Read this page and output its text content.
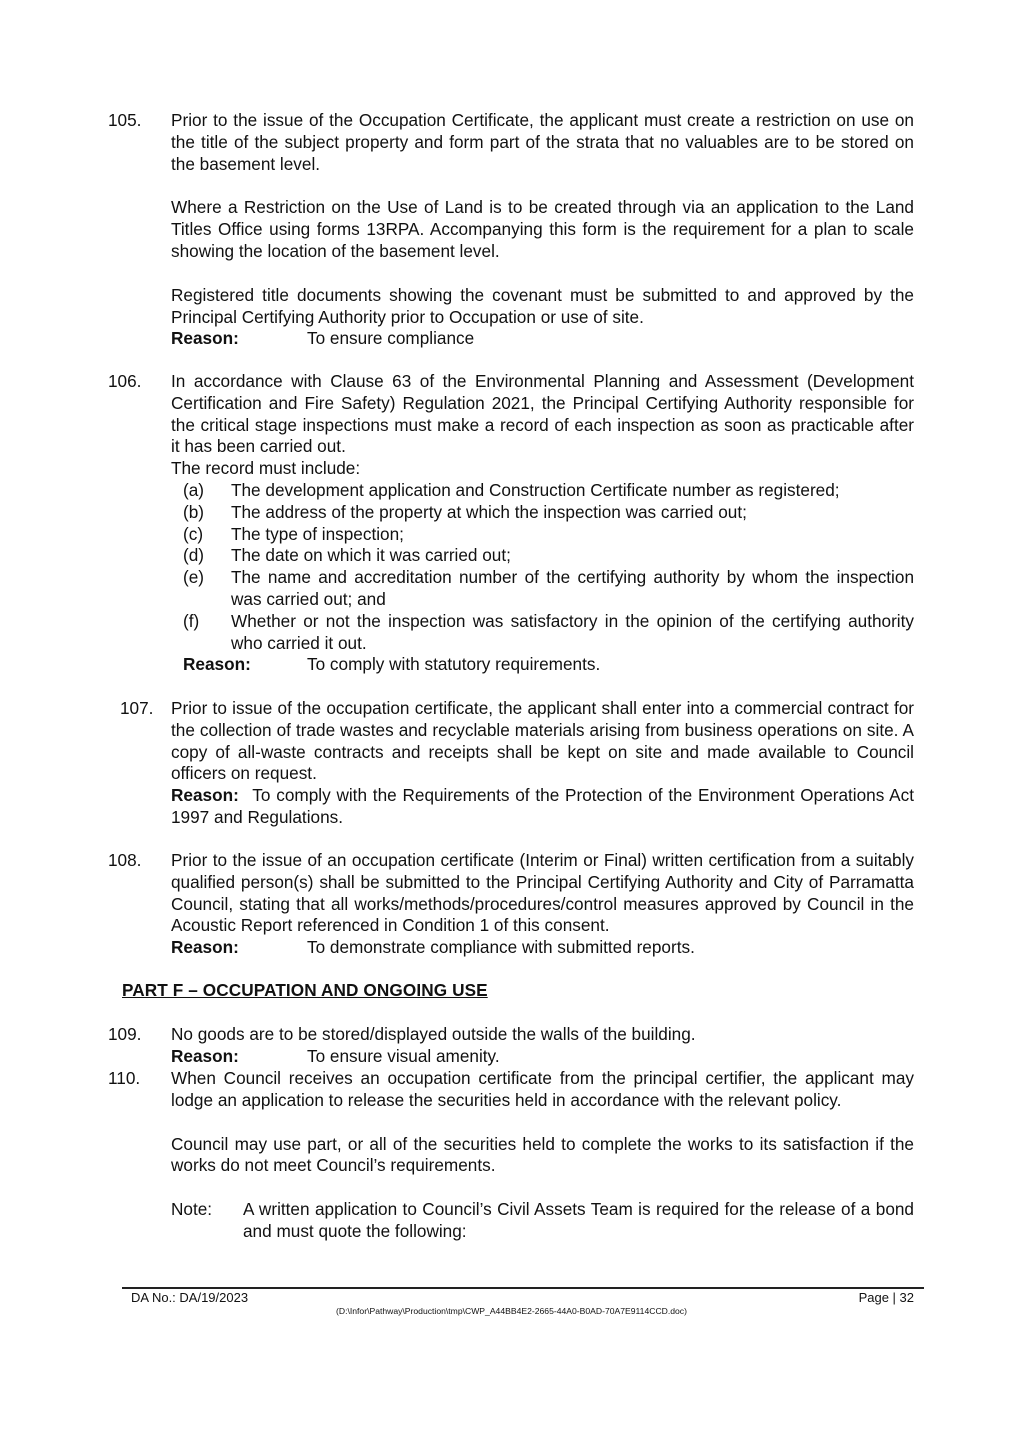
105.	Prior to the issue of the Occupation Certificate, the applicant must create a restriction on use on the title of the subject property and form part of the strata that no valuables are to be stored on the basement level.

Where a Restriction on the Use of Land is to be created through via an application to the Land Titles Office using forms 13RPA. Accompanying this form is the requirement for a plan to scale showing the location of the basement level.

Registered title documents showing the covenant must be submitted to and approved by the Principal Certifying Authority prior to Occupation or use of site.

Reason:	To ensure compliance
106.	In accordance with Clause 63 of the Environmental Planning and Assessment (Development Certification and Fire Safety) Regulation 2021, the Principal Certifying Authority responsible for the critical stage inspections must make a record of each inspection as soon as practicable after it has been carried out.

The record must include:

(a)	The development application and Construction Certificate number as registered;
(b)	The address of the property at which the inspection was carried out;
(c)	The type of inspection;
(d)	The date on which it was carried out;
(e)	The name and accreditation number of the certifying authority by whom the inspection was carried out; and
(f)	Whether or not the inspection was satisfactory in the opinion of the certifying authority who carried it out.
Reason:	To comply with statutory requirements.
107.	Prior to issue of the occupation certificate, the applicant shall enter into a commercial contract for the collection of trade wastes and recyclable materials arising from business operations on site. A copy of all-waste contracts and receipts shall be kept on site and made available to Council officers on request.

Reason: To comply with the Requirements of the Protection of the Environment Operations Act 1997 and Regulations.
108.	Prior to the issue of an occupation certificate (Interim or Final) written certification from a suitably qualified person(s) shall be submitted to the Principal Certifying Authority and City of Parramatta Council, stating that all works/methods/procedures/control measures approved by Council in the Acoustic Report referenced in Condition 1 of this consent.

Reason:	To demonstrate compliance with submitted reports.
PART F – OCCUPATION AND ONGOING USE
109.	No goods are to be stored/displayed outside the walls of the building.

Reason:	To ensure visual amenity.
110.	When Council receives an occupation certificate from the principal certifier, the applicant may lodge an application to release the securities held in accordance with the relevant policy.

Council may use part, or all of the securities held to complete the works to its satisfaction if the works do not meet Council’s requirements.

Note:	A written application to Council’s Civil Assets Team is required for the release of a bond and must quote the following:
DA No.: DA/19/2023	Page | 32
(D:\Infor\Pathway\Production\tmp\CWP_A44BB4E2-2665-44A0-B0AD-70A7E9114CCD.doc)
